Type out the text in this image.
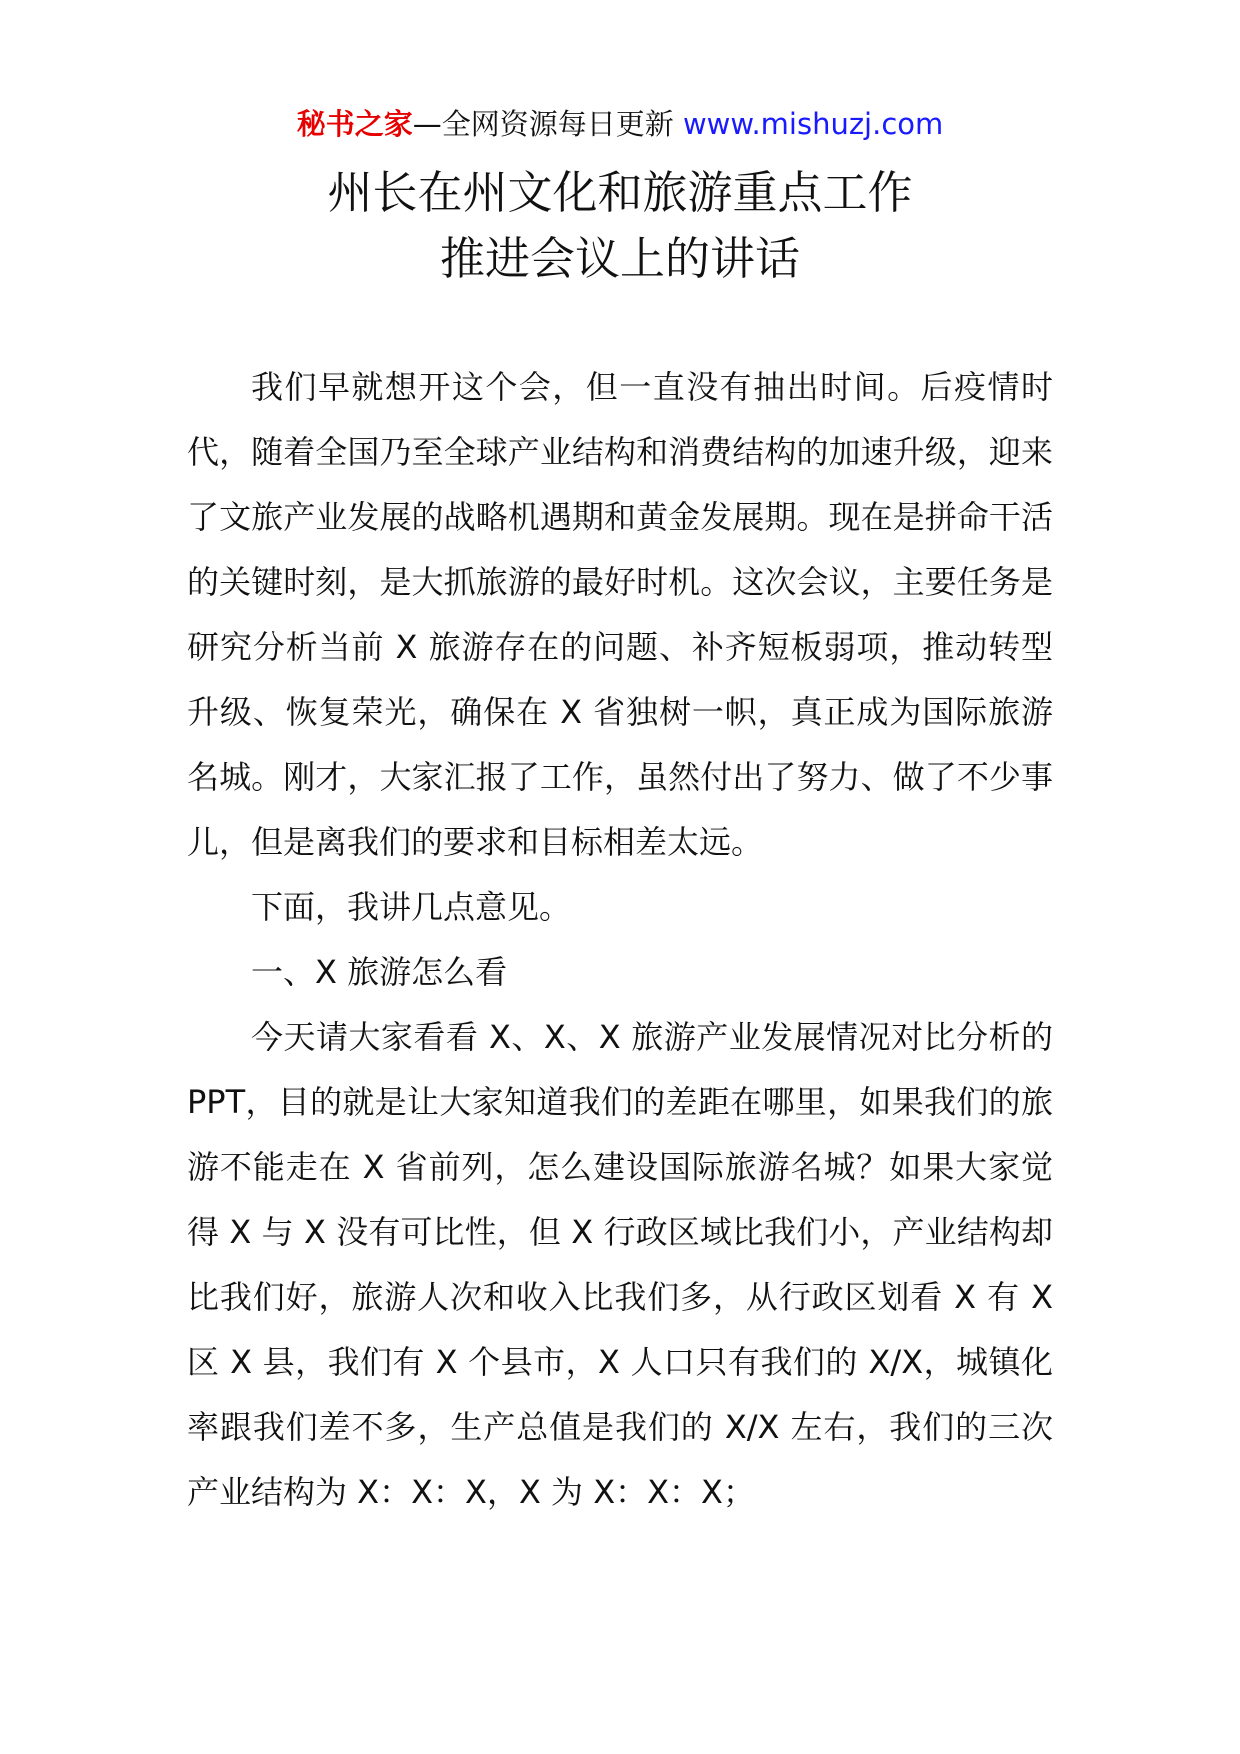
秘书之家—全网资源每日更新 www.mishuzj.com
州长在州文化和旅游重点工作
推进会议上的讲话

我们早就想开这个会，但一直没有抽出时间。后疫情时代，随着全国乃至全球产业结构和消费结构的加速升级，迎来了文旅产业发展的战略机遇期和黄金发展期。现在是拼命干活的关键时刻，是大抓旅游的最好时机。这次会议，主要任务是研究分析当前 X 旅游存在的问题、补齐短板弱项，推动转型升级、恢复荣光，确保在 X 省独树一帜，真正成为国际旅游名城。刚才，大家汇报了工作，虽然付出了努力、做了不少事儿，但是离我们的要求和目标相差太远。

下面，我讲几点意见。

一、X 旅游怎么看

今天请大家看看 X、X、X 旅游产业发展情况对比分析的 PPT，目的就是让大家知道我们的差距在哪里，如果我们的旅游不能走在 X 省前列，怎么建设国际旅游名城？如果大家觉得 X 与 X 没有可比性，但 X 行政区域比我们小，产业结构却比我们好，旅游人次和收入比我们多，从行政区划看 X 有 X 区 X 县，我们有 X 个县市，X 人口只有我们的 X/X，城镇化率跟我们差不多，生产总值是我们的 X/X 左右，我们的三次产业结构为 X：X：X，X 为 X：X：X；
